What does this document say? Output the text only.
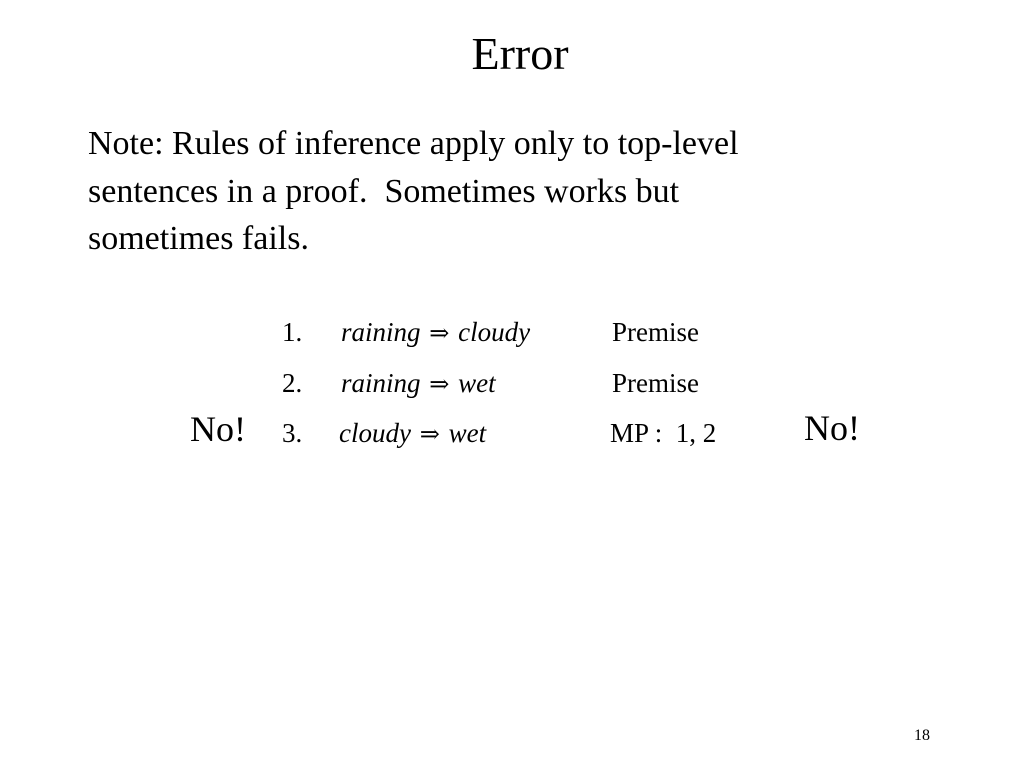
Error
Note: Rules of inference apply only to top-level
sentences in a proof.  Sometimes works but
sometimes fails.
1. raining ⇒ cloudy	Premise
2. raining ⇒ wet	Premise
3. cloudy ⇒ wet	MP :  1, 2
No!	No!
18
